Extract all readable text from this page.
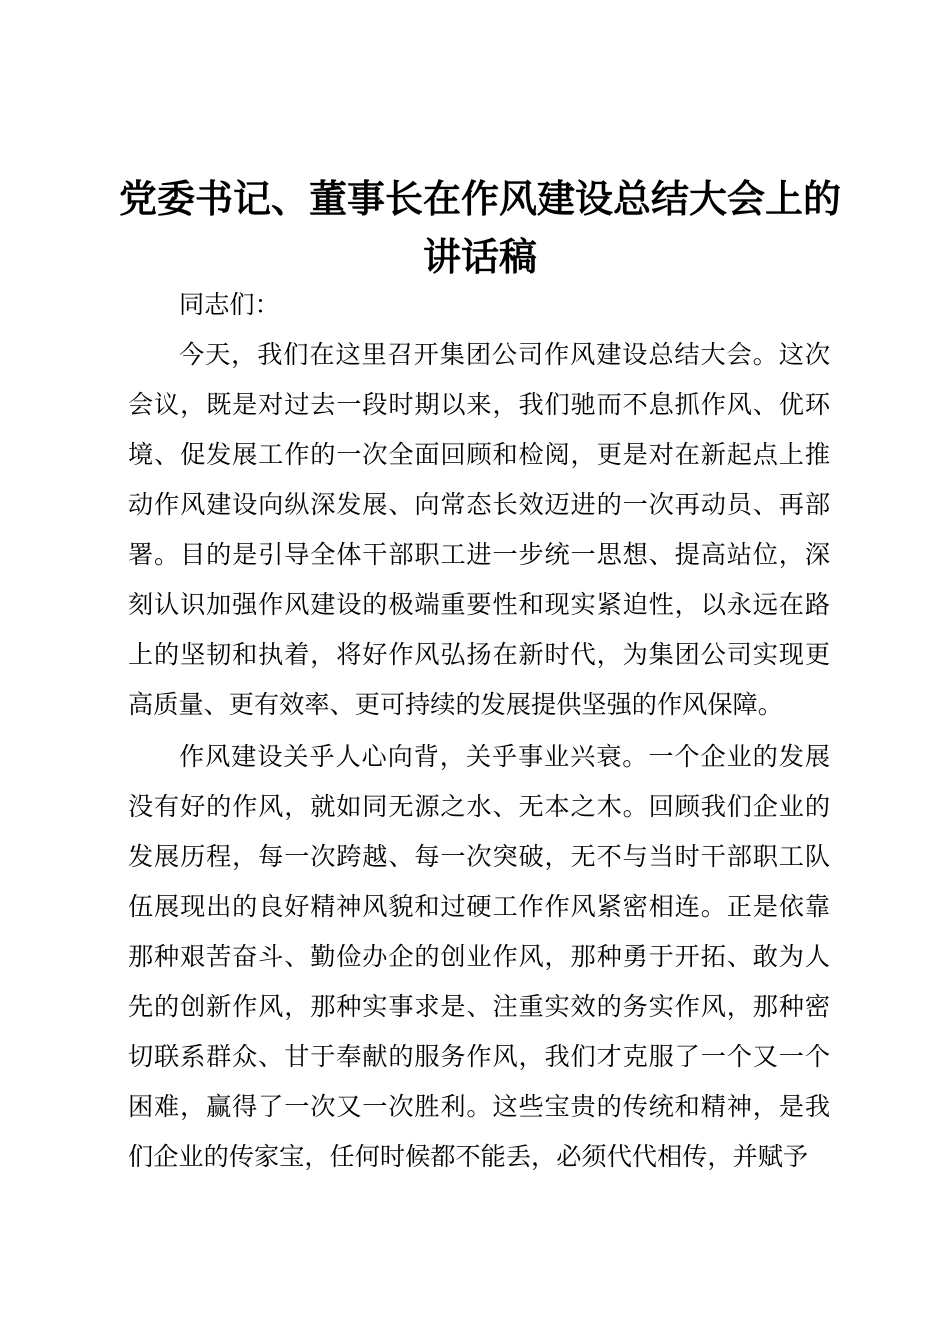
党委书记、董事长在作风建设总结大会上的讲话稿

同志们：

今天，我们在这里召开集团公司作风建设总结大会。这次会议，既是对过去一段时期以来，我们驰而不息抓作风、优环境、促发展工作的一次全面回顾和检阅，更是对在新起点上推动作风建设向纵深发展、向常态长效迈进的一次再动员、再部署。目的是引导全体干部职工进一步统一思想、提高站位，深刻认识加强作风建设的极端重要性和现实紧迫性，以永远在路上的坚韧和执着，将好作风弘扬在新时代，为集团公司实现更高质量、更有效率、更可持续的发展提供坚强的作风保障。

作风建设关乎人心向背，关乎事业兴衰。一个企业的发展没有好的作风，就如同无源之水、无本之木。回顾我们企业的发展历程，每一次跨越、每一次突破，无不与当时干部职工队伍展现出的良好精神风貌和过硬工作作风紧密相连。正是依靠那种艰苦奋斗、勤俭办企的创业作风，那种勇于开拓、敢为人先的创新作风，那种实事求是、注重实效的务实作风，那种密切联系群众、甘于奉献的服务作风，我们才克服了一个又一个困难，赢得了一次又一次胜利。这些宝贵的传统和精神，是我们企业的传家宝，任何时候都不能丢，必须代代相传，并赋予
